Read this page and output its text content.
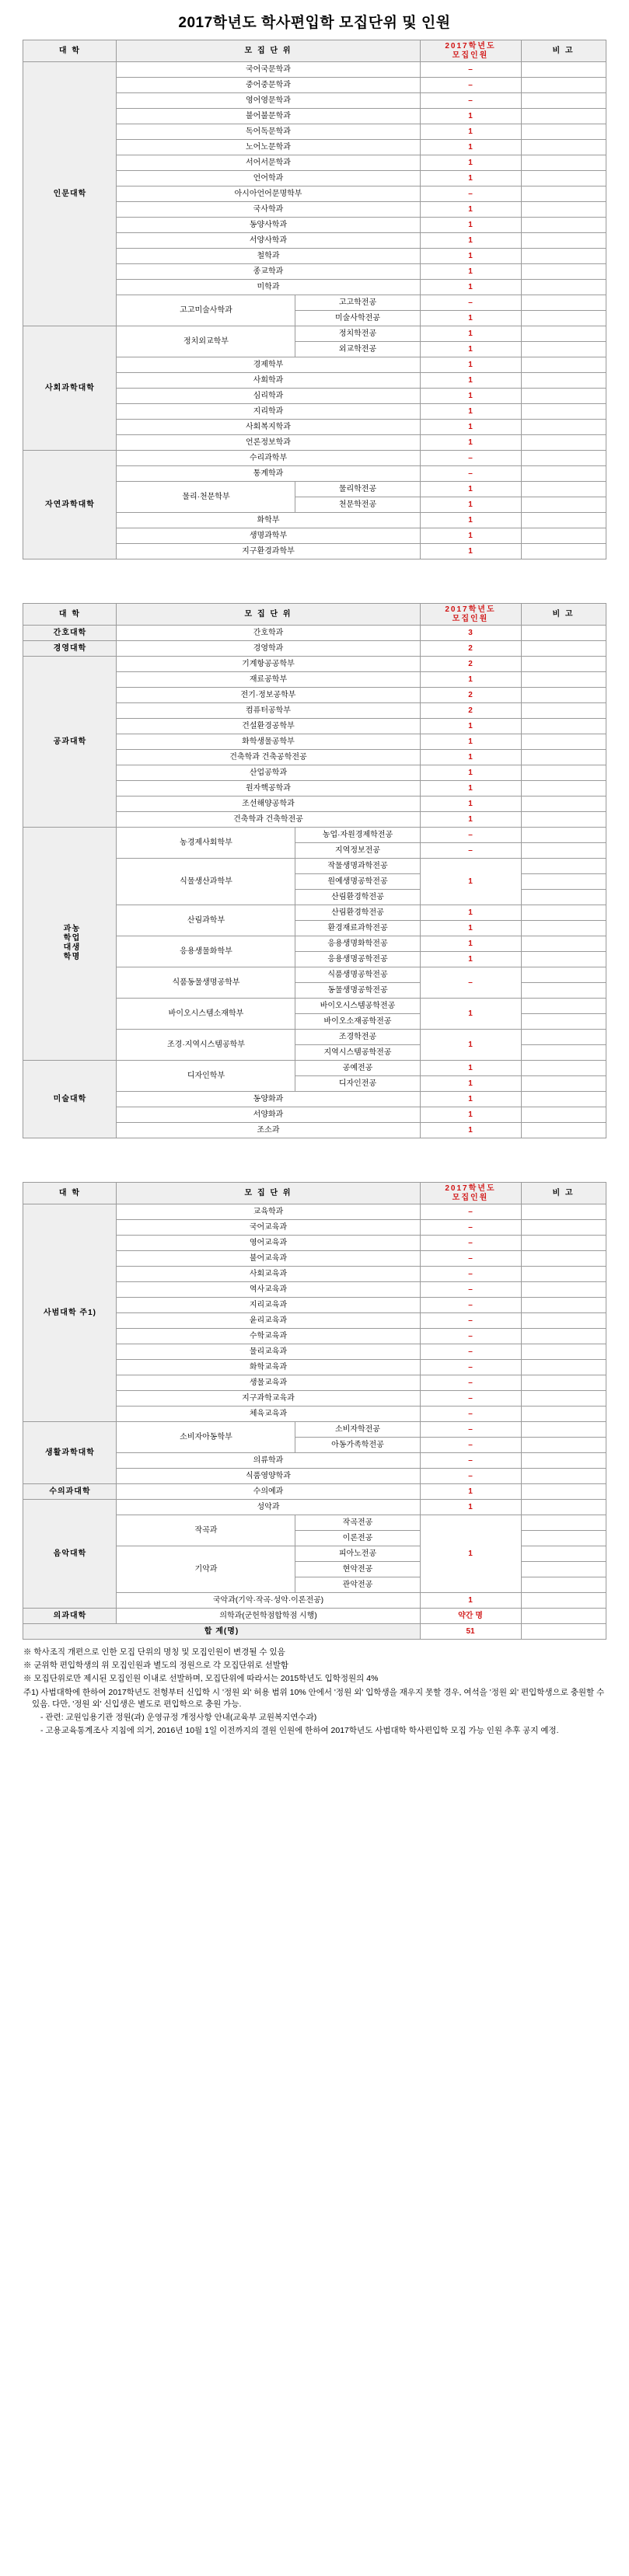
2017학년도 학사편입학 모집단위 및 인원
대 학	모 집 단 위		2017학년도
모집인원	비 고
인문대학	국어국문학과		–	
	중어중문학과		–	
	영어영문학과		–	
	불어불문학과		1	
	독어독문학과		1	
	노어노문학과		1	
	서어서문학과		1	
	언어학과		1	
	아시아언어문명학부		–	
	국사학과		1	
	동양사학과		1	
	서양사학과		1	
	철학과		1	
	종교학과		1	
	미학과		1	
	고고미술사학과	고고학전공	–	
		미술사학전공	1	
사회과학대학	정치외교학부	정치학전공	1	
		외교학전공	1	
	경제학부		1	
	사회학과		1	
	심리학과		1	
	지리학과		1	
	사회복지학과		1	
	언론정보학과		1	
자연과학대학	수리과학부		–	
	통계학과		–	
	물리·천문학부	물리학전공	1	
		천문학전공	1	
	화학부		1	
	생명과학부		1	
	지구환경과학부		1	
대 학	모 집 단 위		2017학년도
모집인원	비 고
간호대학	간호학과		3	
경영대학	경영학과		2	
공과대학	기계항공공학부		2	
	재료공학부		1	
	전기·정보공학부		2	
	컴퓨터공학부		2	
	건설환경공학부		1	
	화학생물공학부		1	
	건축학과 건축공학전공		1	
	산업공학과		1	
	원자핵공학과		1	
	조선해양공학과		1	
	건축학과 건축학전공		1	
농업생명
과학대학	농경제사회학부	농업·자원경제학전공	–	
		지역정보전공	–	
	식물생산과학부	작물생명과학전공	1	
		원예생명공학전공		
		산림환경학전공		
	산림과학부	산림환경학전공	1	
		환경재료과학전공	1	
	응용생물화학부	응용생명화학전공	1	
		응용생명공학전공	1	
	식품동물생명공학부	식품생명공학전공	–	
		동물생명공학전공		
	바이오시스템소재학부	바이오시스템공학전공	1	
		바이오소재공학전공		
	조경·지역시스템공학부	조경학전공	1	
		지역시스템공학전공		
미술대학	디자인학부	공예전공	1	
		디자인전공	1	
	동양화과		1	
	서양화과		1	
	조소과		1	
대 학	모 집 단 위		2017학년도
모집인원	비 고
사범대학 주1)	교육학과		–	
	국어교육과		–	
	영어교육과		–	
	불어교육과		–	
	사회교육과		–	
	역사교육과		–	
	지리교육과		–	
	윤리교육과		–	
	수학교육과		–	
	물리교육과		–	
	화학교육과		–	
	생물교육과		–	
	지구과학교육과		–	
	체육교육과		–	
생활과학대학	소비자아동학부	소비자학전공	–	
		아동가족학전공	–	
	의류학과		–	
	식품영양학과		–	
수의과대학	수의예과		1	
음악대학	성악과		1	
	작곡과	작곡전공	1	
		이론전공		
	기악과	피아노전공		
		현악전공		
		관악전공		
	국악과(기악·작곡·성악·이론전공)		1	
의과대학	의학과(군헌학점합학점 시행)		약간 명	
합 계(명)			51	
※ 학사조직 개편으로 인한 모집 단위의 명칭 및 모집인원이 변경될 수 있음
※ 군위학 편입학생의 위 모집인원과 별도의 정원으로 각 모집단위로 선발함
※ 모집단위로만 제시된 모집인원 이내로 선발하며, 모집단위에 따라서는 2015학년도 입학정원의 4%
주1) 사범대학에 한하여 2017학년도 전형부터 신입학 시 '정원 외' 허용 범위 10% 안에서 '정원 외' 입학생을 재우지 못할 경우, 여석을 '정원 외' 편입학생으로 충원할 수 있음. 다만, '정원 외' 신입생은 별도로 편입학으로 충원 가능.
- 관련: 교원임용기관 정원(과) 운영규정 개정사항 안내(교육부 교원복지연수과)
- 고용교육통계조사 지침에 의거, 2016년 10월 1일 이전까지의 결원 인원에 한하여 2017학년도 사범대학 학사편입학 모집 가능 인원 추후 공지 예정.
